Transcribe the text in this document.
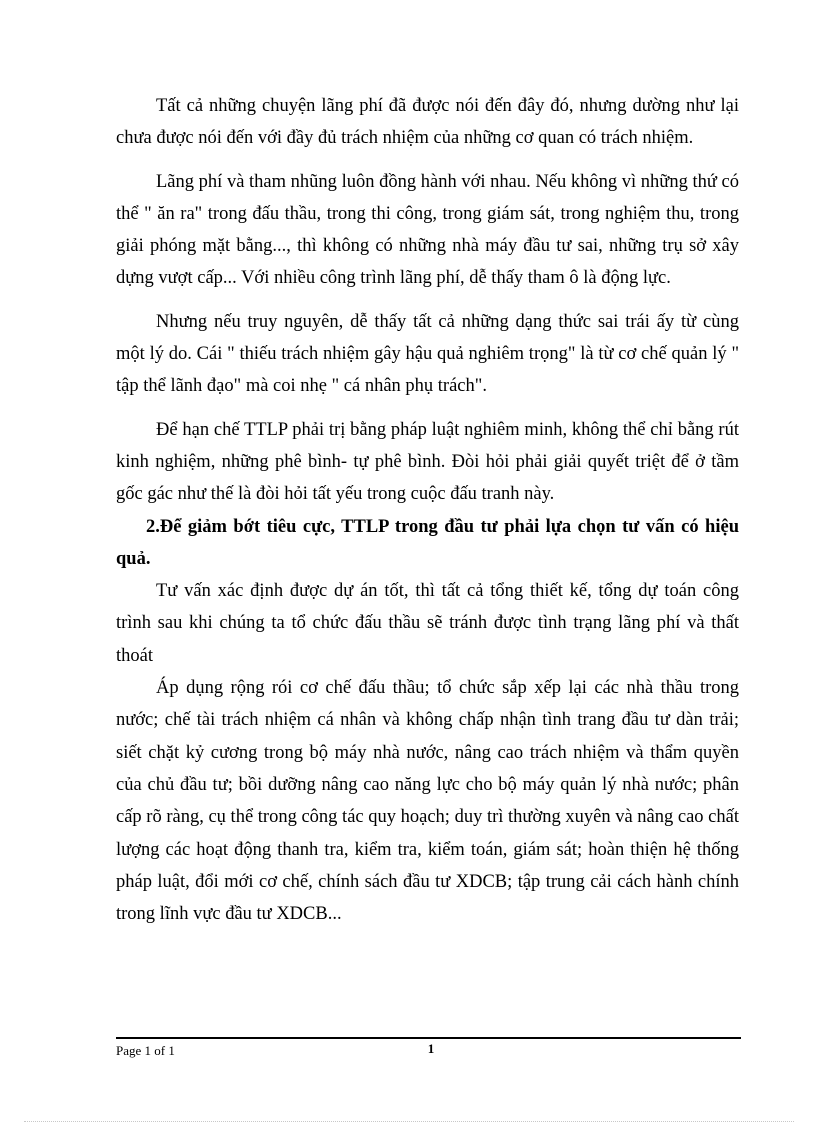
Tất cả những chuyện lãng phí đã được nói đến đây đó, nhưng dường như lại chưa được nói đến với đầy đủ trách nhiệm của những cơ quan có trách nhiệm.

Lãng phí và tham nhũng luôn đồng hành với nhau. Nếu không vì những thứ có thể " ăn ra" trong đấu thầu, trong thi công, trong giám sát, trong nghiệm thu, trong giải phóng mặt bằng..., thì không có những nhà máy đầu tư sai, những trụ sở xây dựng vượt cấp... Với nhiều công trình lãng phí, dễ thấy tham ô là động lực.

Nhưng nếu truy nguyên, dễ thấy tất cả những dạng thức sai trái ấy từ cùng một lý do. Cái " thiếu trách nhiệm gây hậu quả nghiêm trọng" là từ cơ chế quản lý " tập thể lãnh đạo" mà coi nhẹ " cá nhân phụ trách".

Để hạn chế TTLP phải trị bằng pháp luật nghiêm minh, không thể chỉ bằng rút kinh nghiệm, những phê bình- tự phê bình. Đòi hỏi phải giải quyết triệt để ở tầm gốc gác như thế là đòi hỏi tất yếu trong cuộc đấu tranh này.

2.Để giảm bớt tiêu cực, TTLP trong đầu tư phải lựa chọn tư vấn có hiệu quả.

Tư vấn xác định được dự án tốt, thì tất cả tổng thiết kế, tổng dự toán công trình sau khi chúng ta tổ chức đấu thầu sẽ tránh được tình trạng lãng phí và thất thoát

Áp dụng rộng rói cơ chế đấu thầu; tổ chức sắp xếp lại các nhà thầu trong nước; chế tài trách nhiệm cá nhân và không chấp nhận tình trang đầu tư dàn trải; siết chặt kỷ cương trong bộ máy nhà nước, nâng cao trách nhiệm và thẩm quyền của chủ đầu tư; bồi dưỡng nâng cao năng lực cho bộ máy quản lý nhà nước; phân cấp rõ ràng, cụ thể trong công tác quy hoạch; duy trì thường xuyên và nâng cao chất lượng các hoạt động thanh tra, kiểm tra, kiểm toán, giám sát; hoàn thiện hệ thống pháp luật, đổi mới cơ chế, chính sách đầu tư XDCB; tập trung cải cách hành chính trong lĩnh vực đầu tư XDCB...

Page 1 of 1	1
